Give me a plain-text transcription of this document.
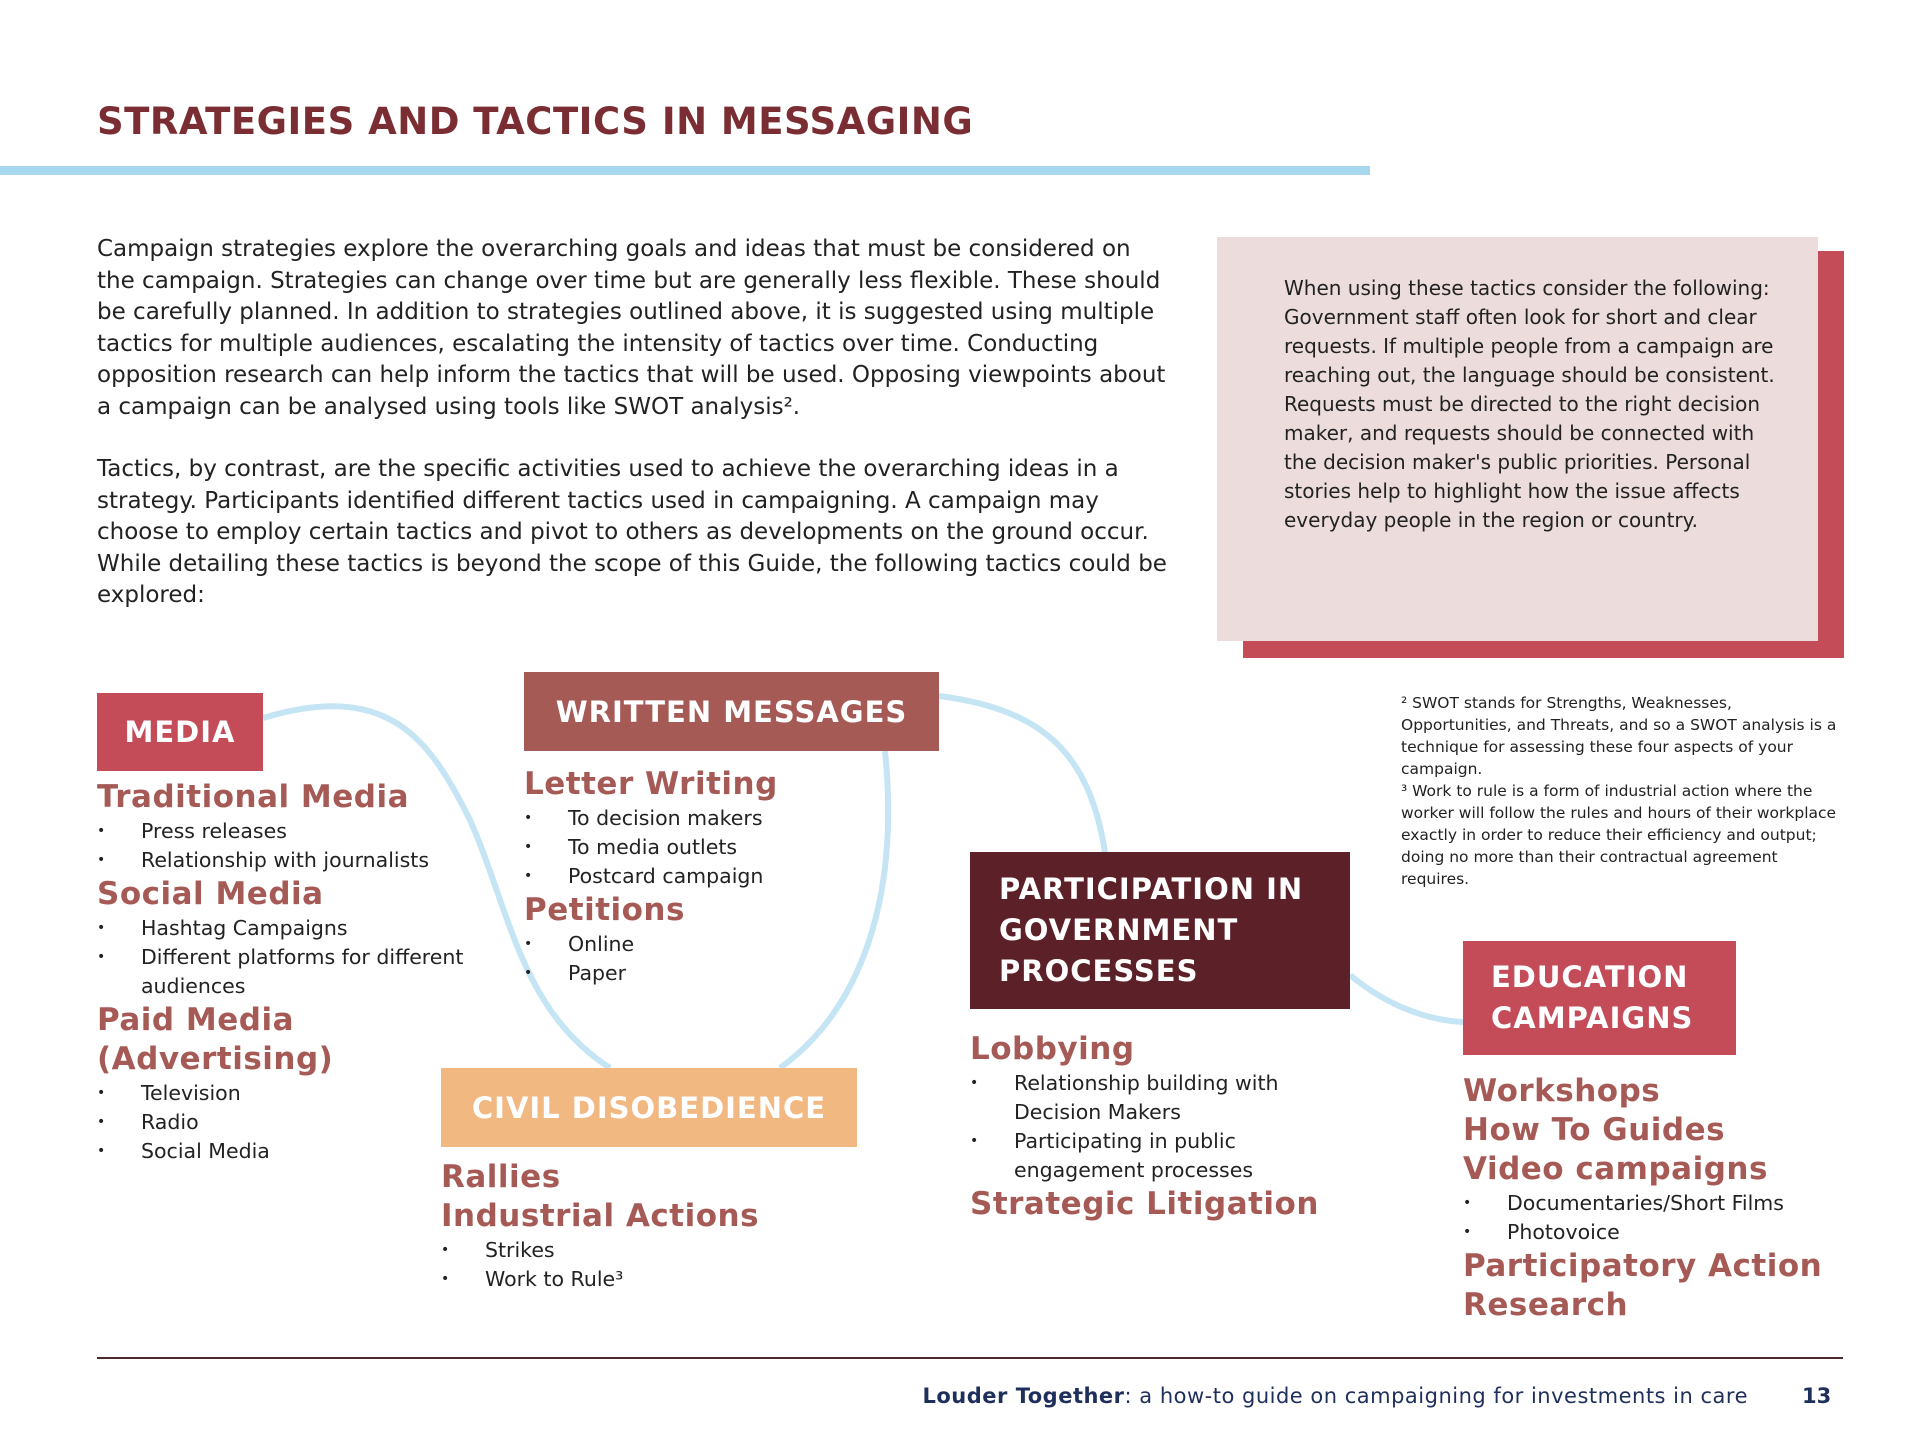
STRATEGIES AND TACTICS IN MESSAGING

Campaign strategies explore the overarching goals and ideas that must be considered on the campaign. Strategies can change over time but are generally less flexible. These should be carefully planned. In addition to strategies outlined above, it is suggested using multiple tactics for multiple audiences, escalating the intensity of tactics over time. Conducting opposition research can help inform the tactics that will be used. Opposing viewpoints about a campaign can be analysed using tools like SWOT analysis².

Tactics, by contrast, are the specific activities used to achieve the overarching ideas in a strategy. Participants identified different tactics used in campaigning. A campaign may choose to employ certain tactics and pivot to others as developments on the ground occur. While detailing these tactics is beyond the scope of this Guide, the following tactics could be explored:

When using these tactics consider the following: Government staff often look for short and clear requests. If multiple people from a campaign are reaching out, the language should be consistent. Requests must be directed to the right decision maker, and requests should be connected with the decision maker's public priorities. Personal stories help to highlight how the issue affects everyday people in the region or country.

² SWOT stands for Strengths, Weaknesses, Opportunities, and Threats, and so a SWOT analysis is a technique for assessing these four aspects of your campaign.

³ Work to rule is a form of industrial action where the worker will follow the rules and hours of their workplace exactly in order to reduce their efficiency and output; doing no more than their contractual agreement requires.

MEDIA
WRITTEN MESSAGES
CIVIL DISOBEDIENCE
PARTICIPATION IN
GOVERNMENT
PROCESSES	EDUCATION
CAMPAIGNS
Traditional Media
• Press releases
• Relationship with journalists
Social Media
• Hashtag Campaigns
• Different platforms for different audiences
Paid Media (Advertising)
• Television
• Radio
• Social Media
Letter Writing
• To decision makers
• To media outlets
• Postcard campaign
Petitions
• Online
• Paper
Rallies
Industrial Actions
• Strikes
• Work to Rule³
Lobbying
• Relationship building with Decision Makers
• Participating in public engagement processes
Strategic Litigation
Workshops
How To Guides
Video campaigns
• Documentaries/Short Films
• Photovoice
Participatory Action Research
Louder Together: a how-to guide on campaigning for investments in care	13
